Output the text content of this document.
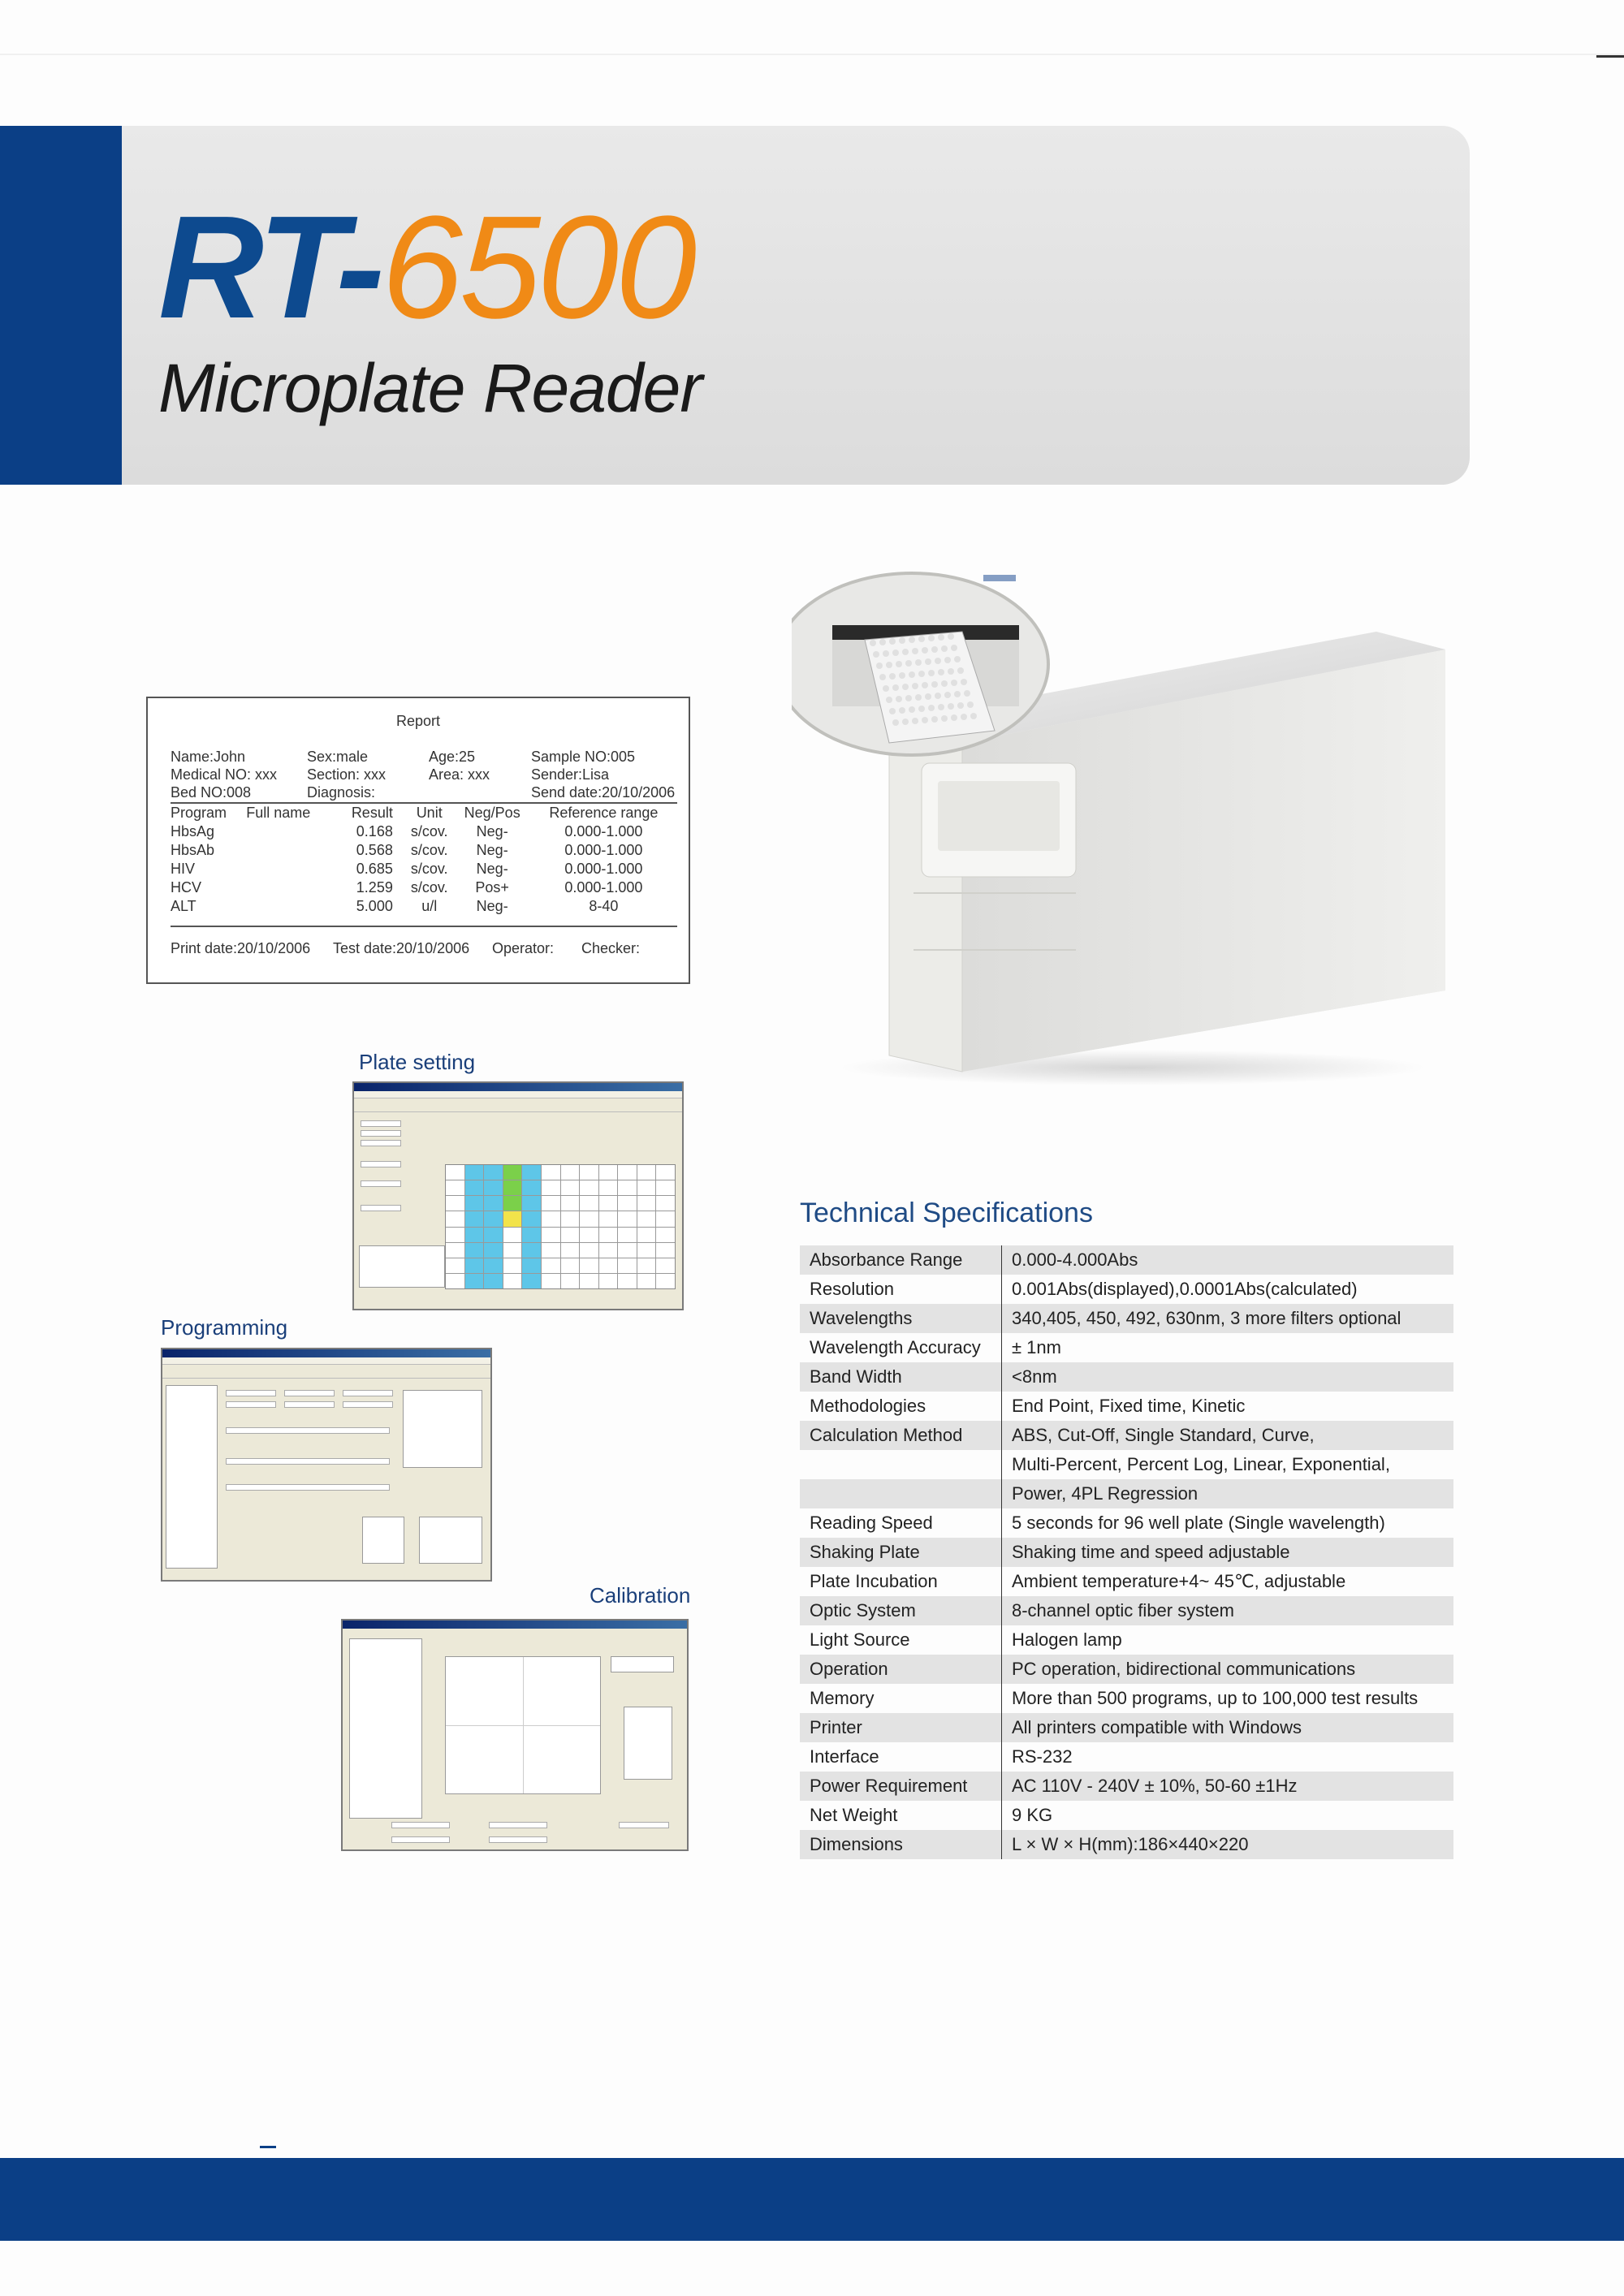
RT-6500
Microplate Reader
Report
Name:John	Sex:male	Age:25	Sample NO:005
Medical NO: xxx Section: xxx	Area: xxx	Sender:Lisa
Bed NO:008	Diagnosis:	Send date:20/10/2006
Program	Full name	Result	Unit	Neg/Pos	Reference range
HbsAg		0.168	s/cov.	Neg-	0.000-1.000
HbsAb		0.568	s/cov.	Neg-	0.000-1.000
HIV		0.685	s/cov.	Neg-	0.000-1.000
HCV		1.259	s/cov.	Pos+	0.000-1.000
ALT		5.000	u/l	Neg-	8-40
Print date:20/10/2006 Test date:20/10/2006 Operator: Checker:
Plate setting
Programming
Calibration
Technical Specifications
Absorbance Range	0.000-4.000Abs
Resolution	0.001Abs(displayed),0.0001Abs(calculated)
Wavelengths	340,405, 450, 492, 630nm, 3 more filters optional
Wavelength Accuracy	± 1nm
Band Width	<8nm
Methodologies	End Point, Fixed time, Kinetic
Calculation Method	ABS, Cut-Off, Single Standard, Curve,
	Multi-Percent, Percent Log, Linear, Exponential,
	Power, 4PL Regression
Reading Speed	5 seconds for 96 well plate (Single wavelength)
Shaking Plate	Shaking time and speed adjustable
Plate Incubation	Ambient temperature+4~ 45℃, adjustable
Optic System	8-channel optic fiber system
Light Source	Halogen lamp
Operation	PC operation, bidirectional communications
Memory	More than 500 programs, up to 100,000 test results
Printer	All printers compatible with Windows
Interface	RS-232
Power Requirement	AC 110V - 240V ± 10%, 50-60 ±1Hz
Net Weight	9 KG
Dimensions	L × W × H(mm):186×440×220
